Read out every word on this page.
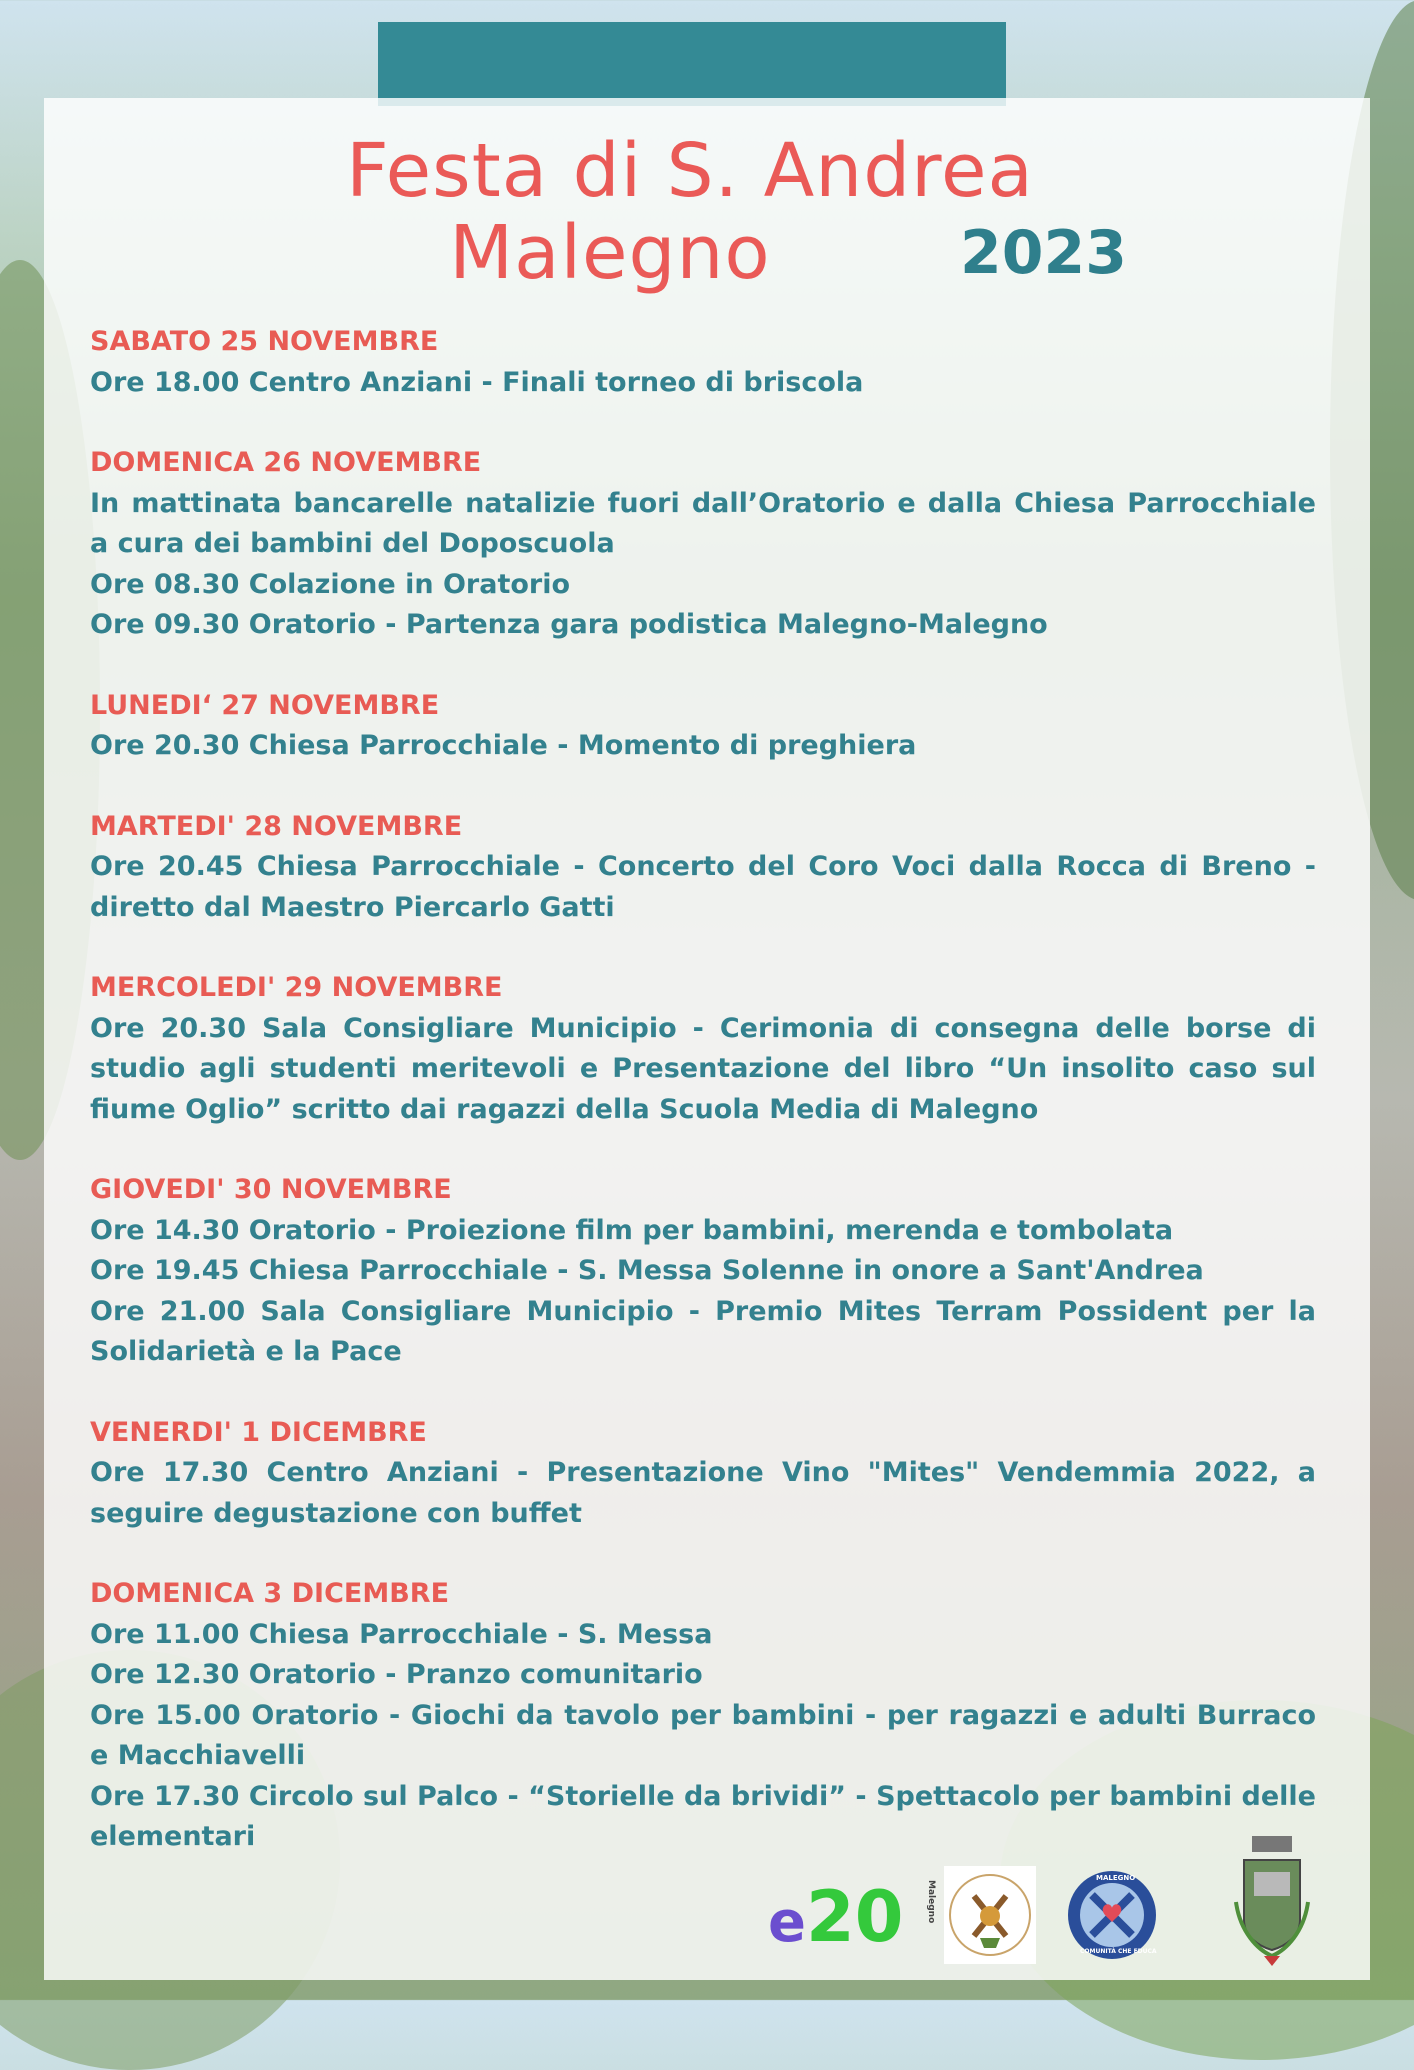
Festa di S. Andrea
Malegno	2023
SABATO 25 NOVEMBRE
Ore 18.00 Centro Anziani - Finali torneo di briscola
DOMENICA 26 NOVEMBRE
In mattinata bancarelle natalizie fuori dall’Oratorio e dalla Chiesa Parrocchiale a cura dei bambini del Doposcuola
Ore 08.30 Colazione in Oratorio
Ore 09.30 Oratorio - Partenza gara podistica Malegno-Malegno
LUNEDI‘ 27 NOVEMBRE
Ore 20.30 Chiesa Parrocchiale - Momento di preghiera
MARTEDI' 28 NOVEMBRE
Ore 20.45 Chiesa Parrocchiale - Concerto del Coro Voci dalla Rocca di Breno - diretto dal Maestro Piercarlo Gatti
MERCOLEDI' 29 NOVEMBRE
Ore 20.30 Sala Consigliare Municipio - Cerimonia di consegna delle borse di studio agli studenti meritevoli e Presentazione del libro “Un insolito caso sul fiume Oglio” scritto dai ragazzi della Scuola Media di Malegno
GIOVEDI' 30 NOVEMBRE
Ore 14.30 Oratorio - Proiezione film per bambini, merenda e tombolata
Ore 19.45 Chiesa Parrocchiale - S. Messa Solenne in onore a Sant'Andrea
Ore 21.00 Sala Consigliare Municipio - Premio Mites Terram Possident per la Solidarietà e la Pace
VENERDI' 1 DICEMBRE
Ore 17.30 Centro Anziani - Presentazione Vino "Mites" Vendemmia 2022, a seguire degustazione con buffet
DOMENICA 3 DICEMBRE
Ore 11.00 Chiesa Parrocchiale - S. Messa
Ore 12.30 Oratorio - Pranzo comunitario
Ore 15.00 Oratorio - Giochi da tavolo per bambini - per ragazzi e adulti Burraco e Macchiavelli
Ore 17.30 Circolo sul Palco - “Storielle da brividi” - Spettacolo per bambini delle elementari
e20	Malegno
MALEGNO
COMUNITÀ CHE EDUCA
